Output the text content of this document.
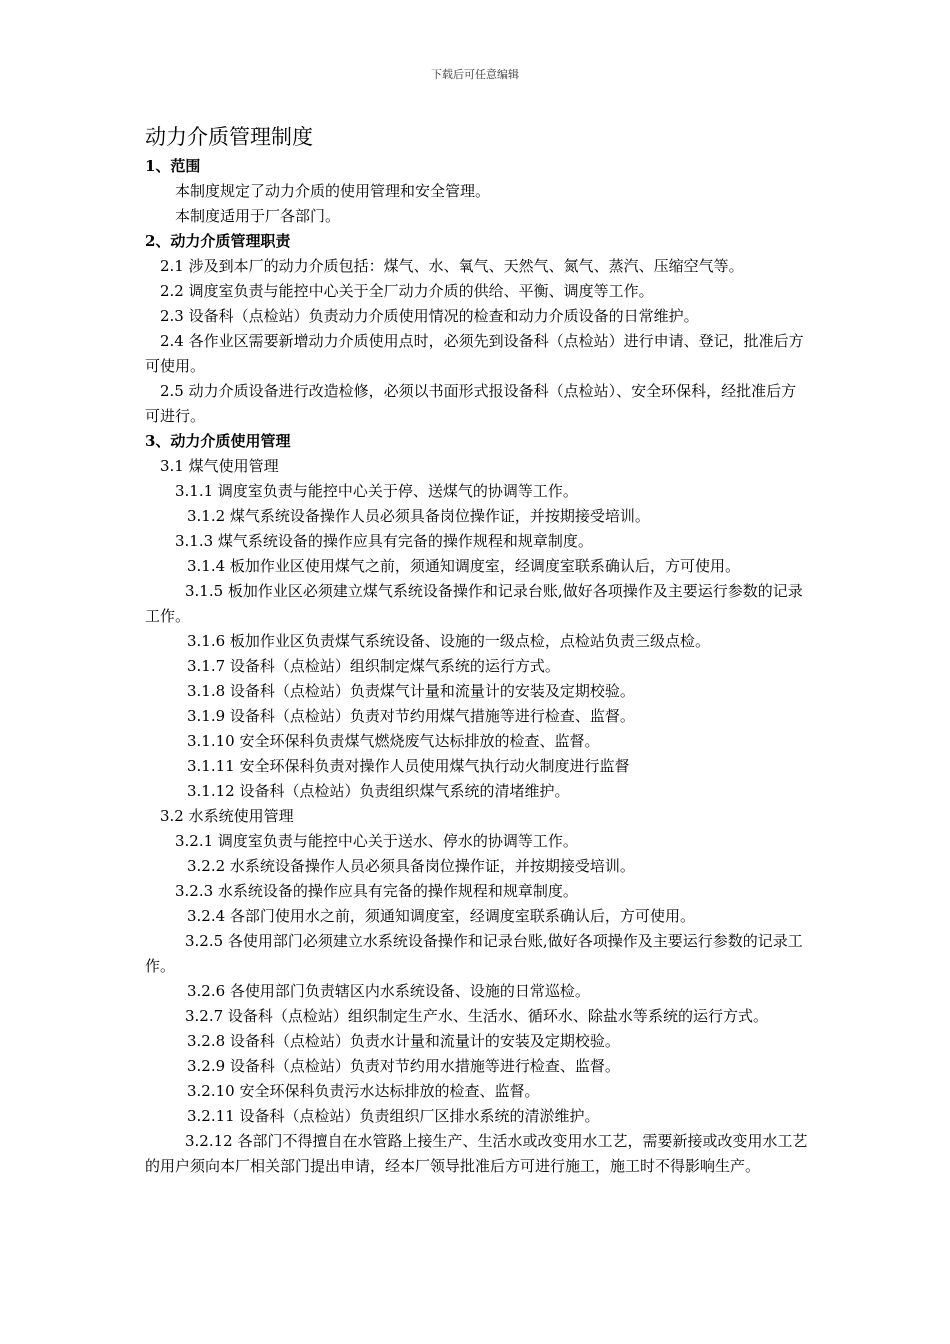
下载后可任意编辑

动力介质管理制度

1、范围

本制度规定了动力介质的使用管理和安全管理。

本制度适用于厂各部门。

2、动力介质管理职责

2.1 涉及到本厂的动力介质包括：煤气、水、氧气、天然气、氮气、蒸汽、压缩空气等。

2.2 调度室负责与能控中心关于全厂动力介质的供给、平衡、调度等工作。

2.3 设备科（点检站）负责动力介质使用情况的检查和动力介质设备的日常维护。

2.4 各作业区需要新增动力介质使用点时，必须先到设备科（点检站）进行申请、登记，批准后方可使用。

2.5 动力介质设备进行改造检修，必须以书面形式报设备科（点检站）、安全环保科，经批准后方可进行。

3、动力介质使用管理

3.1 煤气使用管理

3.1.1 调度室负责与能控中心关于停、送煤气的协调等工作。

3.1.2 煤气系统设备操作人员必须具备岗位操作证，并按期接受培训。

3.1.3 煤气系统设备的操作应具有完备的操作规程和规章制度。

3.1.4 板加作业区使用煤气之前，须通知调度室，经调度室联系确认后，方可使用。

3.1.5 板加作业区必须建立煤气系统设备操作和记录台账,做好各项操作及主要运行参数的记录工作。

3.1.6 板加作业区负责煤气系统设备、设施的一级点检，点检站负责三级点检。

3.1.7 设备科（点检站）组织制定煤气系统的运行方式。

3.1.8 设备科（点检站）负责煤气计量和流量计的安装及定期校验。

3.1.9 设备科（点检站）负责对节约用煤气措施等进行检查、监督。

3.1.10 安全环保科负责煤气燃烧废气达标排放的检查、监督。

3.1.11 安全环保科负责对操作人员使用煤气执行动火制度进行监督

3.1.12 设备科（点检站）负责组织煤气系统的清堵维护。

3.2 水系统使用管理

3.2.1 调度室负责与能控中心关于送水、停水的协调等工作。

3.2.2 水系统设备操作人员必须具备岗位操作证，并按期接受培训。

3.2.3 水系统设备的操作应具有完备的操作规程和规章制度。

3.2.4 各部门使用水之前，须通知调度室，经调度室联系确认后，方可使用。

3.2.5 各使用部门必须建立水系统设备操作和记录台账,做好各项操作及主要运行参数的记录工作。

3.2.6 各使用部门负责辖区内水系统设备、设施的日常巡检。

3.2.7 设备科（点检站）组织制定生产水、生活水、循环水、除盐水等系统的运行方式。

3.2.8 设备科（点检站）负责水计量和流量计的安装及定期校验。

3.2.9 设备科（点检站）负责对节约用水措施等进行检查、监督。

3.2.10 安全环保科负责污水达标排放的检查、监督。

3.2.11 设备科（点检站）负责组织厂区排水系统的清淤维护。

3.2.12 各部门不得擅自在水管路上接生产、生活水或改变用水工艺，需要新接或改变用水工艺的用户须向本厂相关部门提出申请，经本厂领导批准后方可进行施工，施工时不得影响生产。
